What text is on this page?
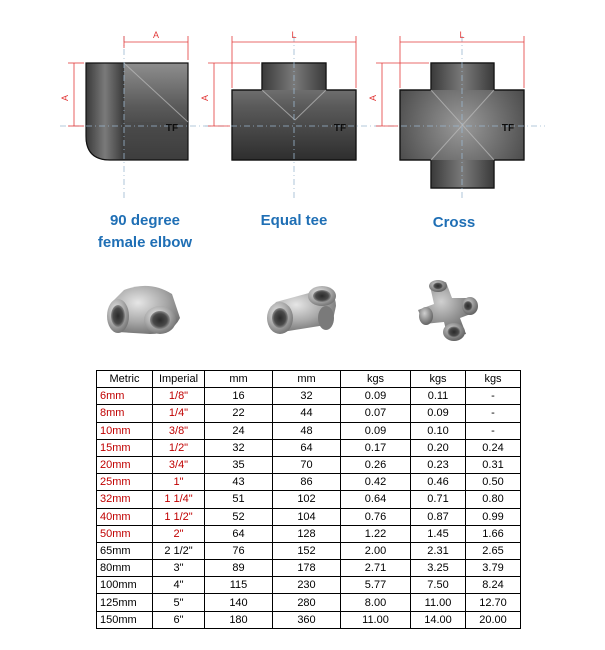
A
A
TF
L
A
TF
L
A
TF
90 degree
female elbow
Equal tee	Cross
Metric	Imperial	mm	mm	kgs	kgs	kgs
6mm	1/8"	16	32	0.09	0.11	-
8mm	1/4"	22	44	0.07	0.09	-
10mm	3/8"	24	48	0.09	0.10	-
15mm	1/2"	32	64	0.17	0.20	0.24
20mm	3/4"	35	70	0.26	0.23	0.31
25mm	1"	43	86	0.42	0.46	0.50
32mm	1 1/4"	51	102	0.64	0.71	0.80
40mm	1 1/2"	52	104	0.76	0.87	0.99
50mm	2"	64	128	1.22	1.45	1.66
65mm	2 1/2"	76	152	2.00	2.31	2.65
80mm	3"	89	178	2.71	3.25	3.79
100mm	4"	115	230	5.77	7.50	8.24
125mm	5"	140	280	8.00	11.00	12.70
150mm	6"	180	360	11.00	14.00	20.00
